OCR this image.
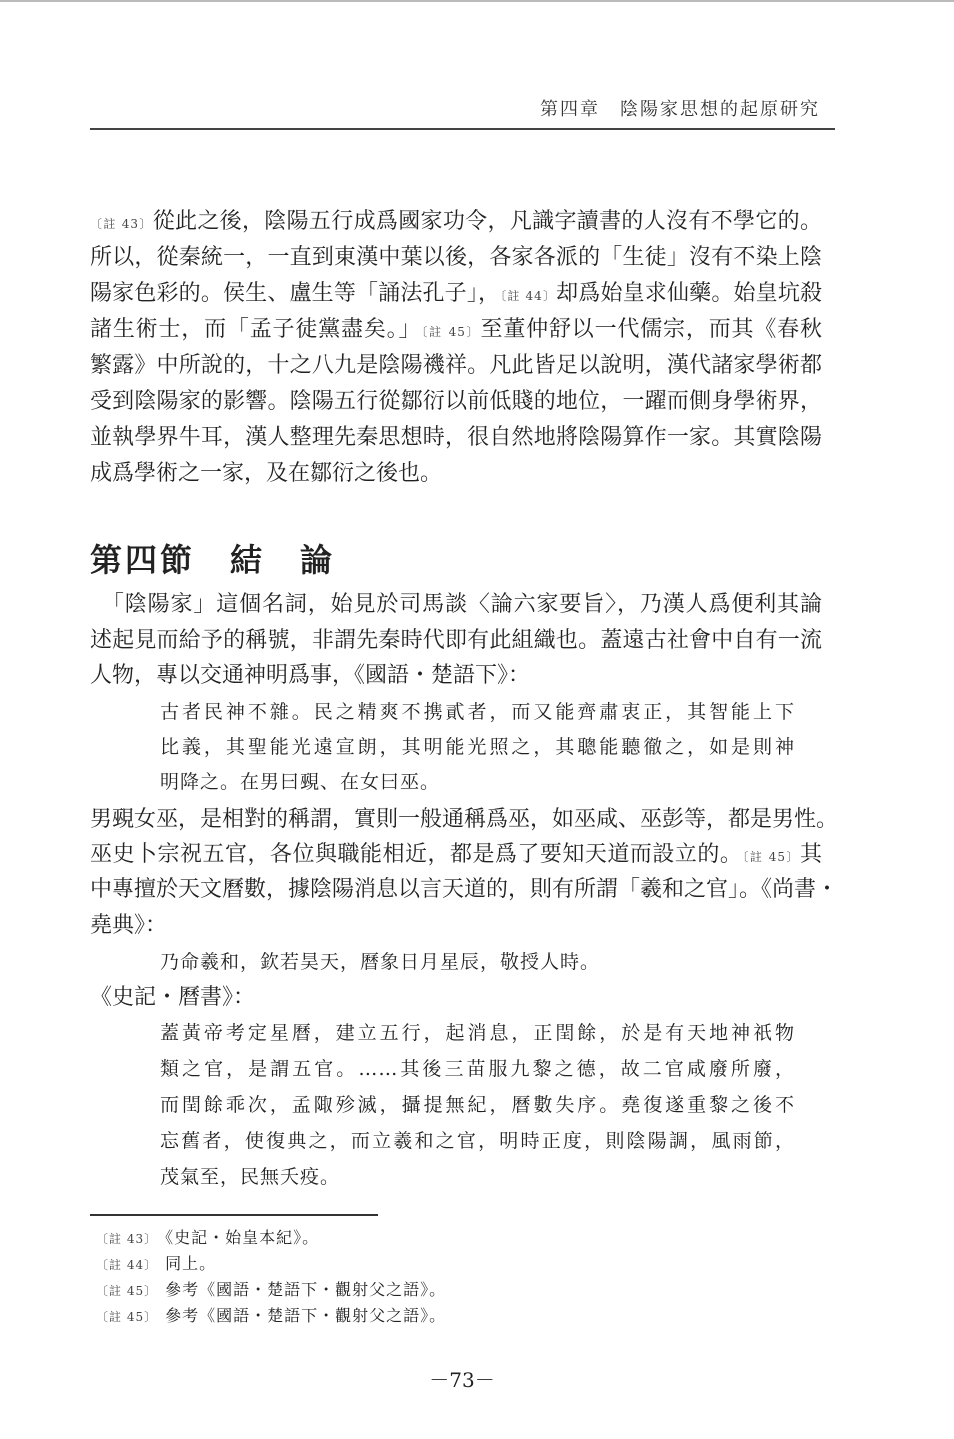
第四章　陰陽家思想的起原研究
第四節　結　論
〔註 43〕從此之後，陰陽五行成爲國家功令，凡識字讀書的人沒有不學它的。
所以，從秦統一，一直到東漢中葉以後，各家各派的「生徒」沒有不染上陰
陽家色彩的。侯生、盧生等「誦法孔子」，〔註 44〕却爲始皇求仙藥。始皇坑殺
諸生術士，而「孟子徒黨盡矣。」〔註 45〕至董仲舒以一代儒宗，而其《春秋
繁露》中所說的，十之八九是陰陽禨祥。凡此皆足以說明，漢代諸家學術都
受到陰陽家的影響。陰陽五行從鄒衍以前低賤的地位，一躍而側身學術界，
並執學界牛耳，漢人整理先秦思想時，很自然地將陰陽算作一家。其實陰陽
成爲學術之一家，及在鄒衍之後也。
　「陰陽家」這個名詞，始見於司馬談〈論六家要旨〉，乃漢人爲便利其論
述起見而給予的稱號，非謂先秦時代即有此組織也。蓋遠古社會中自有一流
人物，專以交通神明爲事，《國語・楚語下》：
古者民神不雜。民之精爽不携貳者，而又能齊肅衷正，其智能上下
比義，其聖能光遠宣朗，其明能光照之，其聰能聽徹之，如是則神
明降之。在男曰覡、在女曰巫。
男覡女巫，是相對的稱謂，實則一般通稱爲巫，如巫咸、巫彭等，都是男性。
巫史卜宗祝五官，各位與職能相近，都是爲了要知天道而設立的。〔註 45〕其
中專擅於天文曆數，據陰陽消息以言天道的，則有所謂「羲和之官」。《尚書・
堯典》：
乃命羲和，欽若昊天，曆象日月星辰，敬授人時。
《史記・曆書》：
蓋黃帝考定星曆，建立五行，起消息，正閏餘，於是有天地神祇物
類之官，是謂五官。……其後三苗服九黎之德，故二官咸廢所廢，
而閏餘乖次，孟陬殄滅，攝提無紀，曆數失序。堯復遂重黎之後不
忘舊者，使復典之，而立羲和之官，明時正度，則陰陽調，風雨節，
茂氣至，民無夭疫。
〔註 43〕 《史記・始皇本紀》。
〔註 44〕 同上。
〔註 45〕 參考《國語・楚語下・觀射父之語》。
〔註 45〕 參考《國語・楚語下・觀射父之語》。
－73－
